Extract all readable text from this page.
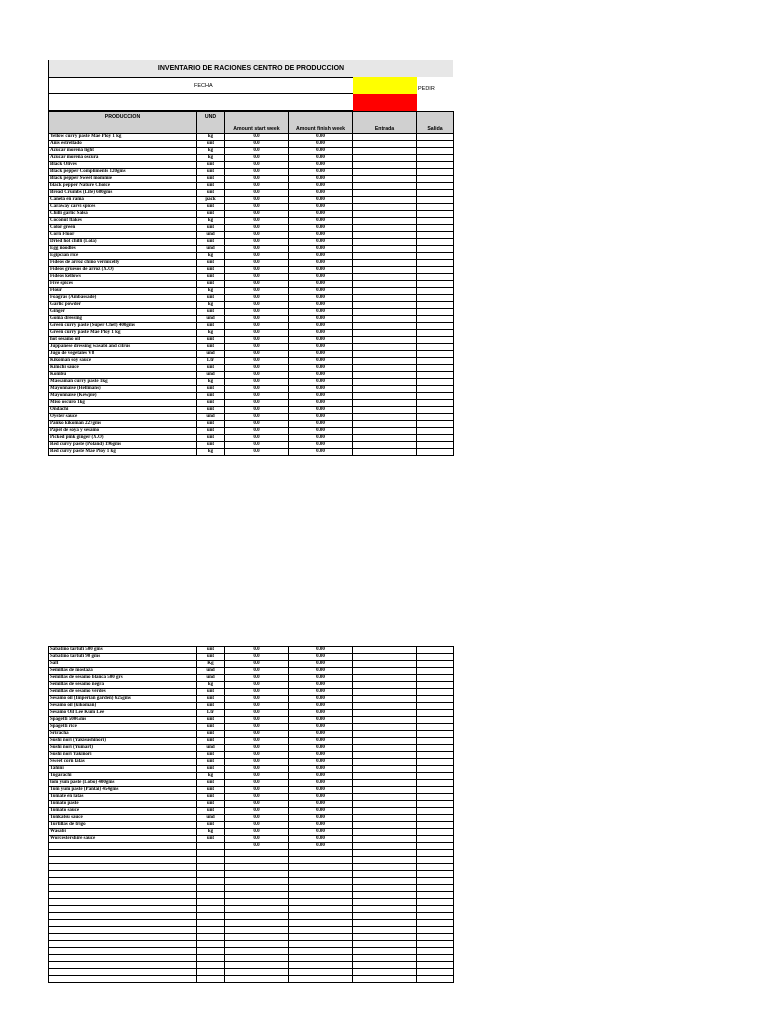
INVENTARIO DE RACIONES CENTRO DE PRODUCCION
FECHA	PEDIR
PRODUCCION	UND	Amount start week	Amount finish week	Entrada	Salida
Yellow curry paste Mae Ploy 1 kg	kg	0.0	0.00		
Anis estrellado	unt	0.0	0.00		
Azucar morena light	kg	0.0	0.00		
Azucar morena oscura	kg	0.0	0.00		
Black Olives	unt	0.0	0.00		
Black pepper Compliments 120gms	unt	0.0	0.00		
Black pepper Sweet mommie	unt	0.0	0.00		
black pepper Nature Choice	unt	0.0	0.00		
Bread Crumbs (Life) 680gms	unt	0.0	0.00		
Canela en rama	pack	0.0	0.00		
Caraway carvi spices	unt	0.0	0.00		
Chilli garlic Salsa	unt	0.0	0.00		
Coconut flakes	kg	0.0	0.00		
Color green	unt	0.0	0.00		
Corn Fluor	und	0.0	0.00		
Dried hot chilli (Lola)	unt	0.0	0.00		
Egg noodles	und	0.0	0.00		
Egipcian rice	kg	0.0	0.00		
Fideos de arroz chino vermicelly	unt	0.0	0.00		
Fideos gruesos de arroz (X.O)	unt	0.0	0.00		
Fideos kellows	unt	0.0	0.00		
Five spices	unt	0.0	0.00		
Flour	kg	0.0	0.00		
Foagras (Ambassade)	unt	0.0	0.00		
Garlic powder	kg	0.0	0.00		
Ginger	unt	0.0	0.00		
Goma dressing	und	0.0	0.00		
Green curry paste (Super Chef) 400gms	unt	0.0	0.00		
Green curry paste Mae Ploy 1 kg	kg	0.0	0.00		
hot sesamo oil	unt	0.0	0.00		
Juppanese dressing wasabi and citrus	unt	0.0	0.00		
Jugo de vegetales V8	und	0.0	0.00		
Kikoman soy sauce	Ltr	0.0	0.00		
Kimchi sauce	unt	0.0	0.00		
Kombu	und	0.0	0.00		
Massaman curry paste 1kg	kg	0.0	0.00		
Mayonnaise (Hellmans)	unt	0.0	0.00		
Mayonnaise (Kewpie)	unt	0.0	0.00		
Miso oscuro 1kg	unt	0.0	0.00		
Ondachi	unt	0.0	0.00		
Oyster sauce	und	0.0	0.00		
Panko kikoman 227gms	unt	0.0	0.00		
Papel de soya y sesamo	unt	0.0	0.00		
Picked pink ginger (X.O)	unt	0.0	0.00		
Red curry paste (Poland) 196gms	unt	0.0	0.00		
Red curry paste Mae Ploy 1 kg	kg	0.0	0.00		
Sabatino tartufi 500 gms	unt	0.0	0.00		
Sabatino tartufi 90 gms	unt	0.0	0.00		
Salt	Kg	0.0	0.00		
Semillas de mostaza	und	0.0	0.00		
Semillas de sesamo blanca 500 grs	und	0.0	0.00		
Semillas de sesamo negra	kg	0.0	0.00		
Semillas de sesamo verdes	unt	0.0	0.00		
Sesamo oil (Imperian garden) 625gms	unt	0.0	0.00		
Sesamo oil (kikoman)	unt	0.0	0.00		
Sesamo Oil Lee Kum Lee	Ltr	0.0	0.00		
Spagetti 500Gms	unt	0.0	0.00		
Spagetti rice	unt	0.0	0.00		
Sriracha	unt	0.0	0.00		
Sushi nori (Yakisushinori)	unt	0.0	0.00		
Sushi nori (Yumart)	und	0.0	0.00		
Sushi nori Yakinori	unt	0.0	0.00		
Sweet corn latas	unt	0.0	0.00		
Tahini	unt	0.0	0.00		
Togarachi	kg	0.0	0.00		
tom yum paste (Lobo) 400gms	unt	0.0	0.00		
Tom yum paste (Pantai) 454gms	unt	0.0	0.00		
Tomate en latas	unt	0.0	0.00		
Tomato paste	unt	0.0	0.00		
Tomato sauce	unt	0.0	0.00		
Tonkatsu sauce	und	0.0	0.00		
Tortillas de trigo	unt	0.0	0.00		
Wasabi	kg	0.0	0.00		
Worcestershire sauce	unt	0.0	0.00		
		0.0	0.00		
